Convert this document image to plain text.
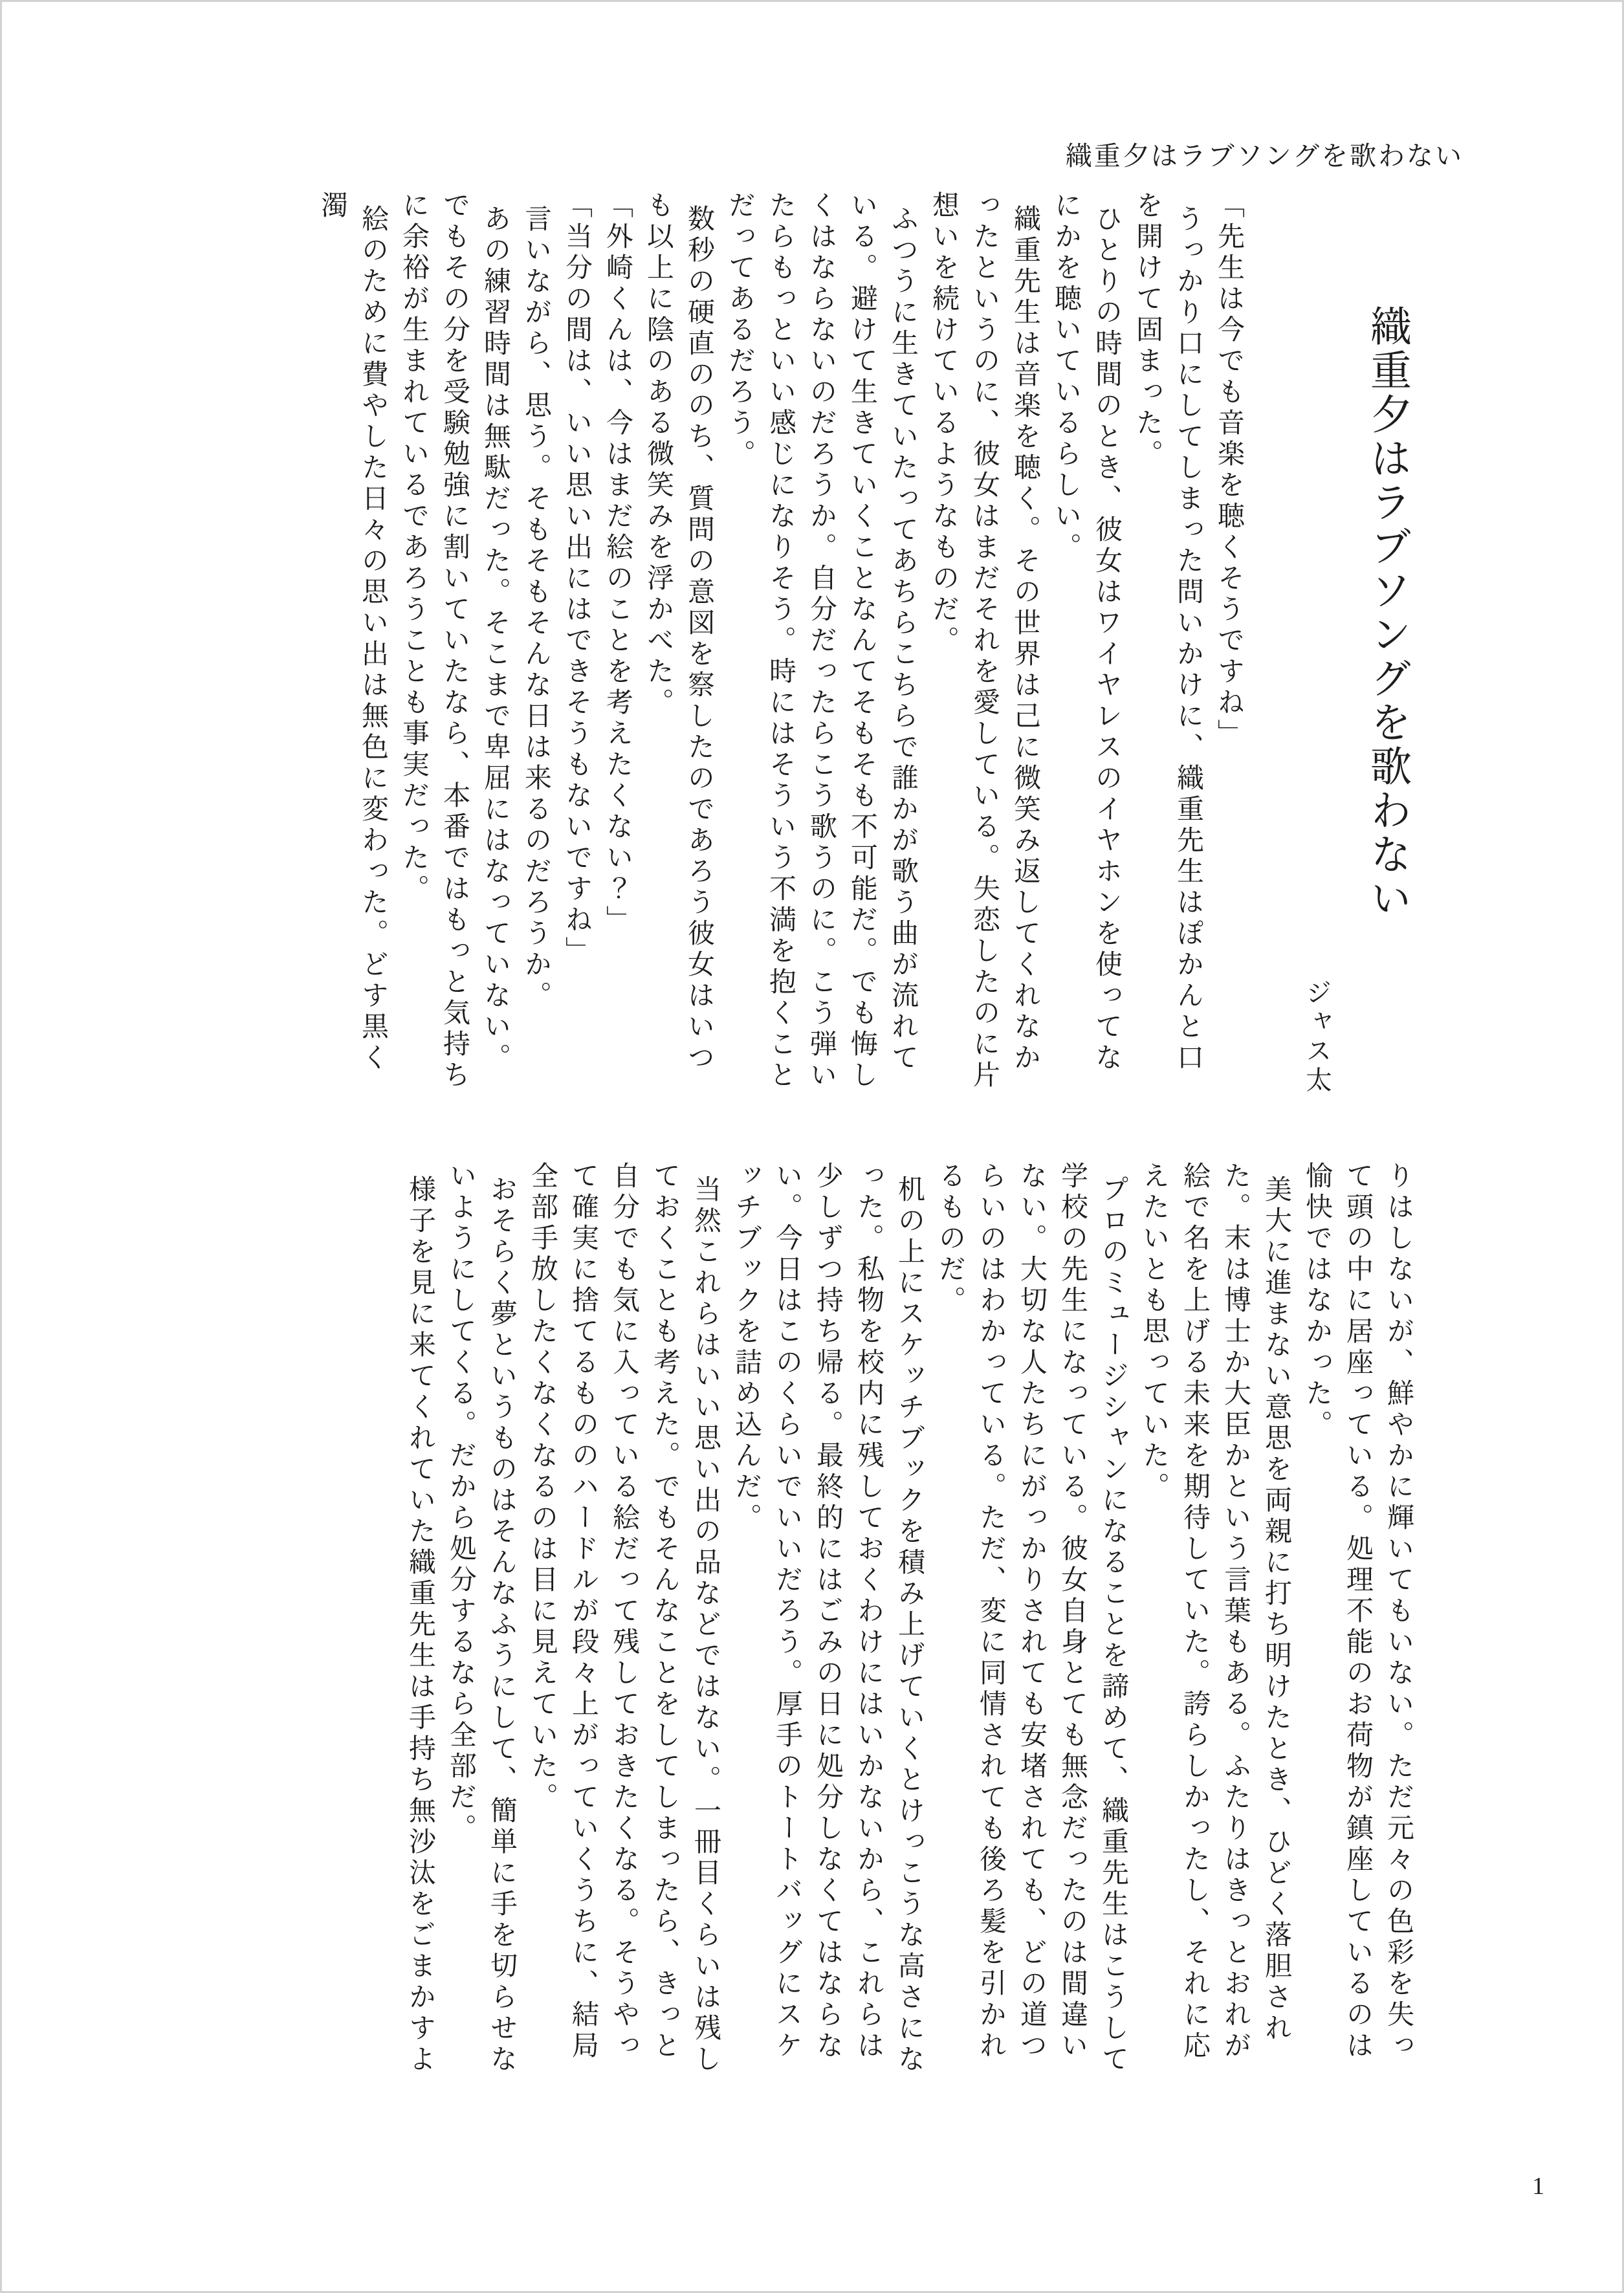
織重夕はラブソングを歌わない
織重夕はラブソングを歌わない

ジャス太

「先生は今でも音楽を聴くそうですね」

うっかり口にしてしまった問いかけに、織重先生はぽかんと口を開けて固まった。

ひとりの時間のとき、彼女はワイヤレスのイヤホンを使ってなにかを聴いているらしい。

織重先生は音楽を聴く。その世界は己に微笑み返してくれなかったというのに、彼女はまだそれを愛している。失恋したのに片想いを続けているようなものだ。

ふつうに生きていたってあちらこちらで誰かが歌う曲が流れている。避けて生きていくことなんてそもそも不可能だ。でも悔しくはならないのだろうか。自分だったらこう歌うのに。こう弾いたらもっといい感じになりそう。時にはそういう不満を抱くことだってあるだろう。

数秒の硬直ののち、質問の意図を察したのであろう彼女はいつも以上に陰のある微笑みを浮かべた。

「外崎くんは、今はまだ絵のことを考えたくない？」

「当分の間は、いい思い出にはできそうもないですね」

言いながら、思う。そもそもそんな日は来るのだろうか。

あの練習時間は無駄だった。そこまで卑屈にはなっていない。でもその分を受験勉強に割いていたなら、本番ではもっと気持ちに余裕が生まれているであろうことも事実だった。

絵のために費やした日々の思い出は無色に変わった。どす黒く濁

りはしないが、鮮やかに輝いてもいない。ただ元々の色彩を失って頭の中に居座っている。処理不能のお荷物が鎮座しているのは愉快ではなかった。

美大に進まない意思を両親に打ち明けたとき、ひどく落胆された。末は博士か大臣かという言葉もある。ふたりはきっとおれが絵で名を上げる未来を期待していた。誇らしかったし、それに応えたいとも思っていた。

プロのミュージシャンになることを諦めて、織重先生はこうして学校の先生になっている。彼女自身とても無念だったのは間違いない。大切な人たちにがっかりされても安堵されても、どの道つらいのはわかっている。ただ、変に同情されても後ろ髪を引かれるものだ。

机の上にスケッチブックを積み上げていくとけっこうな高さになった。私物を校内に残しておくわけにはいかないから、これらは少しずつ持ち帰る。最終的にはごみの日に処分しなくてはならない。今日はこのくらいでいいだろう。厚手のトートバッグにスケッチブックを詰め込んだ。

当然これらはいい思い出の品などではない。一冊目くらいは残しておくことも考えた。でもそんなことをしてしまったら、きっと自分でも気に入っている絵だって残しておきたくなる。そうやって確実に捨てるもののハードルが段々上がっていくうちに、結局全部手放したくなくなるのは目に見えていた。

おそらく夢というものはそんなふうにして、簡単に手を切らせないようにしてくる。だから処分するなら全部だ。

様子を見に来てくれていた織重先生は手持ち無沙汰をごまかすよ

1
